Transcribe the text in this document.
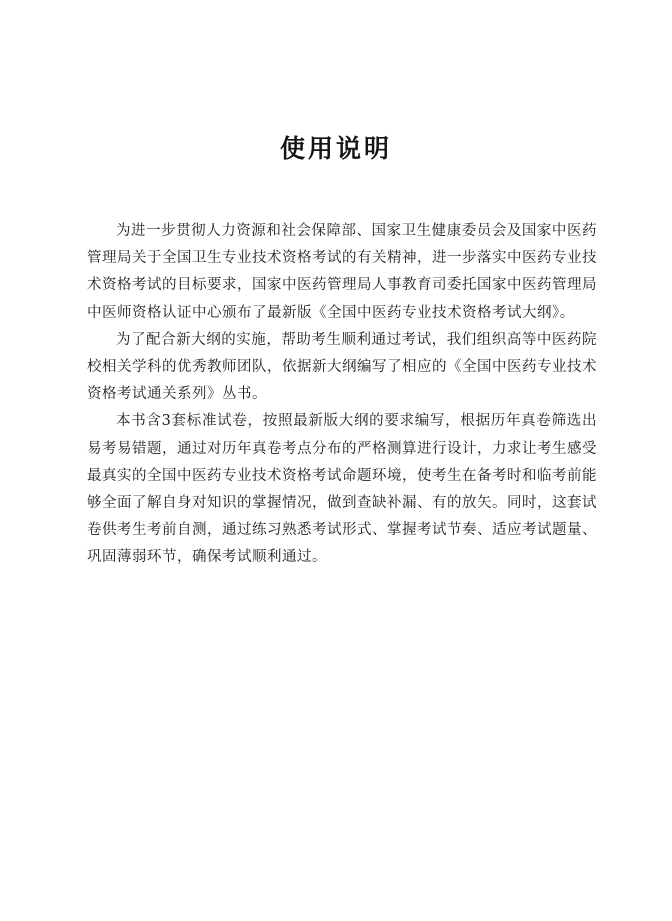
使用说明

为进一步贯彻人力资源和社会保障部、国家卫生健康委员会及国家中医药管理局关于全国卫生专业技术资格考试的有关精神，进一步落实中医药专业技术资格考试的目标要求，国家中医药管理局人事教育司委托国家中医药管理局中医师资格认证中心颁布了最新版《全国中医药专业技术资格考试大纲》。

为了配合新大纲的实施，帮助考生顺利通过考试，我们组织高等中医药院校相关学科的优秀教师团队，依据新大纲编写了相应的《全国中医药专业技术资格考试通关系列》丛书。

本书含3套标准试卷，按照最新版大纲的要求编写，根据历年真卷筛选出易考易错题，通过对历年真卷考点分布的严格测算进行设计，力求让考生感受最真实的全国中医药专业技术资格考试命题环境，使考生在备考时和临考前能够全面了解自身对知识的掌握情况，做到查缺补漏、有的放矢。同时，这套试卷供考生考前自测，通过练习熟悉考试形式、掌握考试节奏、适应考试题量、巩固薄弱环节，确保考试顺利通过。
